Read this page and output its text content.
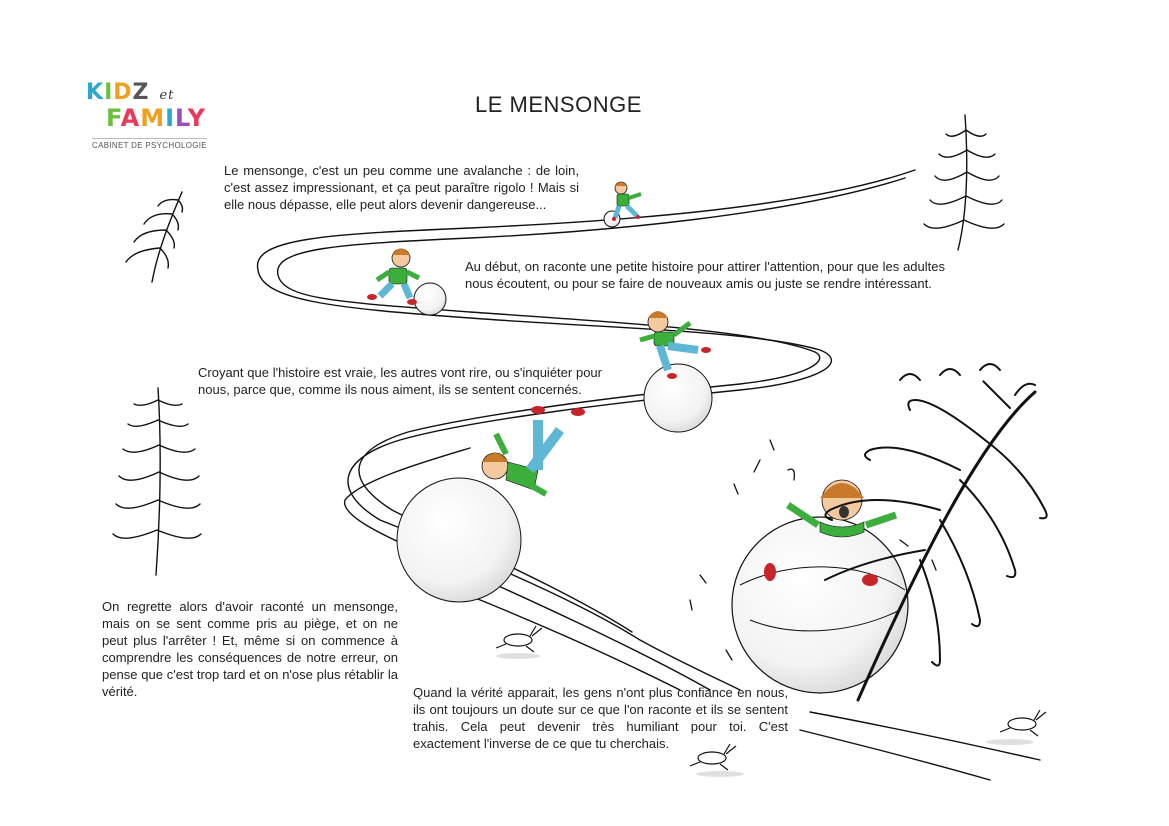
KIDZ et
FAMILY
CABINET DE PSYCHOLOGIE
LE MENSONGE
Le mensonge, c'est un peu comme une avalanche : de loin, c'est assez impressionant, et ça peut paraître rigolo ! Mais si elle nous dépasse, elle peut alors devenir dangereuse...
Au début, on raconte une petite histoire pour attirer l'attention, pour que les adultes nous écoutent, ou pour se faire de nouveaux amis ou juste se rendre intéressant.
Croyant que l'histoire est vraie, les autres vont rire, ou s'inquiéter pour nous, parce que, comme ils nous aiment, ils se sentent concernés.
On regrette alors d'avoir raconté un mensonge, mais on se sent comme pris au piège, et on ne peut plus l'arrêter ! Et, même si on commence à comprendre les conséquences de notre erreur, on pense que c'est trop tard et on n'ose plus rétablir la vérité.	Quand la vérité apparait, les gens n'ont plus confiance en nous, ils ont toujours un doute sur ce que l'on raconte et ils se sentent trahis. Cela peut devenir très humiliant pour toi. C'est exactement l'inverse de ce que tu cherchais.
